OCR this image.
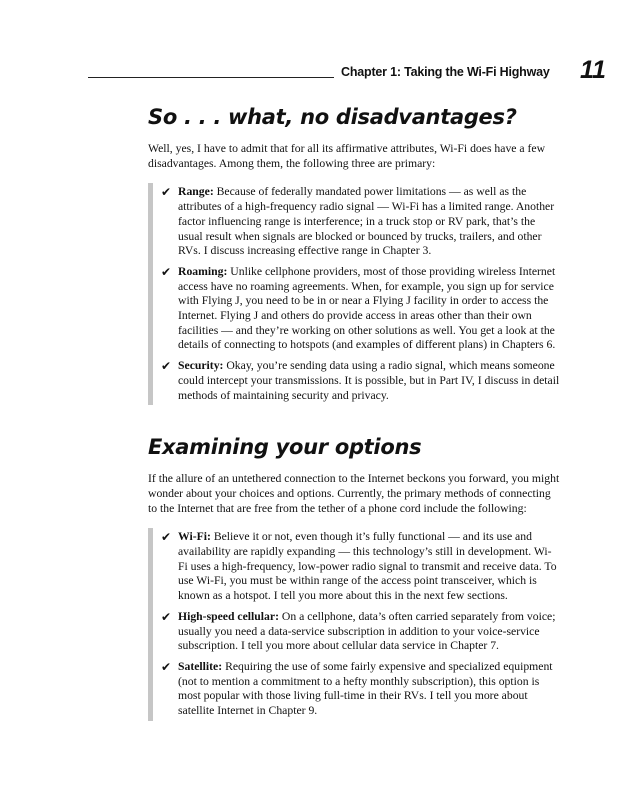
Chapter 1: Taking the Wi-Fi Highway 11
So . . . what, no disadvantages?

Well, yes, I have to admit that for all its affirmative attributes, Wi-Fi does have a few disadvantages. Among them, the following three are primary:

✔ Range: Because of federally mandated power limitations — as well as the attributes of a high-frequency radio signal — Wi-Fi has a limited range. Another factor influencing range is interference; in a truck stop or RV park, that’s the usual result when signals are blocked or bounced by trucks, trailers, and other RVs. I discuss increasing effective range in Chapter 3.
✔ Roaming: Unlike cellphone providers, most of those providing wireless Internet access have no roaming agreements. When, for example, you sign up for service with Flying J, you need to be in or near a Flying J facility in order to access the Internet. Flying J and others do provide access in areas other than their own facilities — and they’re working on other solutions as well. You get a look at the details of connecting to hotspots (and examples of different plans) in Chapters 6.
✔ Security: Okay, you’re sending data using a radio signal, which means someone could intercept your transmissions. It is possible, but in Part IV, I discuss in detail methods of maintaining security and privacy.
Examining your options

If the allure of an untethered connection to the Internet beckons you forward, you might wonder about your choices and options. Currently, the primary methods of connecting to the Internet that are free from the tether of a phone cord include the following:

✔ Wi-Fi: Believe it or not, even though it’s fully functional — and its use and availability are rapidly expanding — this technology’s still in development. Wi-Fi uses a high-frequency, low-power radio signal to transmit and receive data. To use Wi-Fi, you must be within range of the access point transceiver, which is known as a hotspot. I tell you more about this in the next few sections.
✔ High-speed cellular: On a cellphone, data’s often carried separately from voice; usually you need a data-service subscription in addition to your voice-service subscription. I tell you more about cellular data service in Chapter 7.
✔ Satellite: Requiring the use of some fairly expensive and specialized equipment (not to mention a commitment to a hefty monthly subscription), this option is most popular with those living full-time in their RVs. I tell you more about satellite Internet in Chapter 9.
